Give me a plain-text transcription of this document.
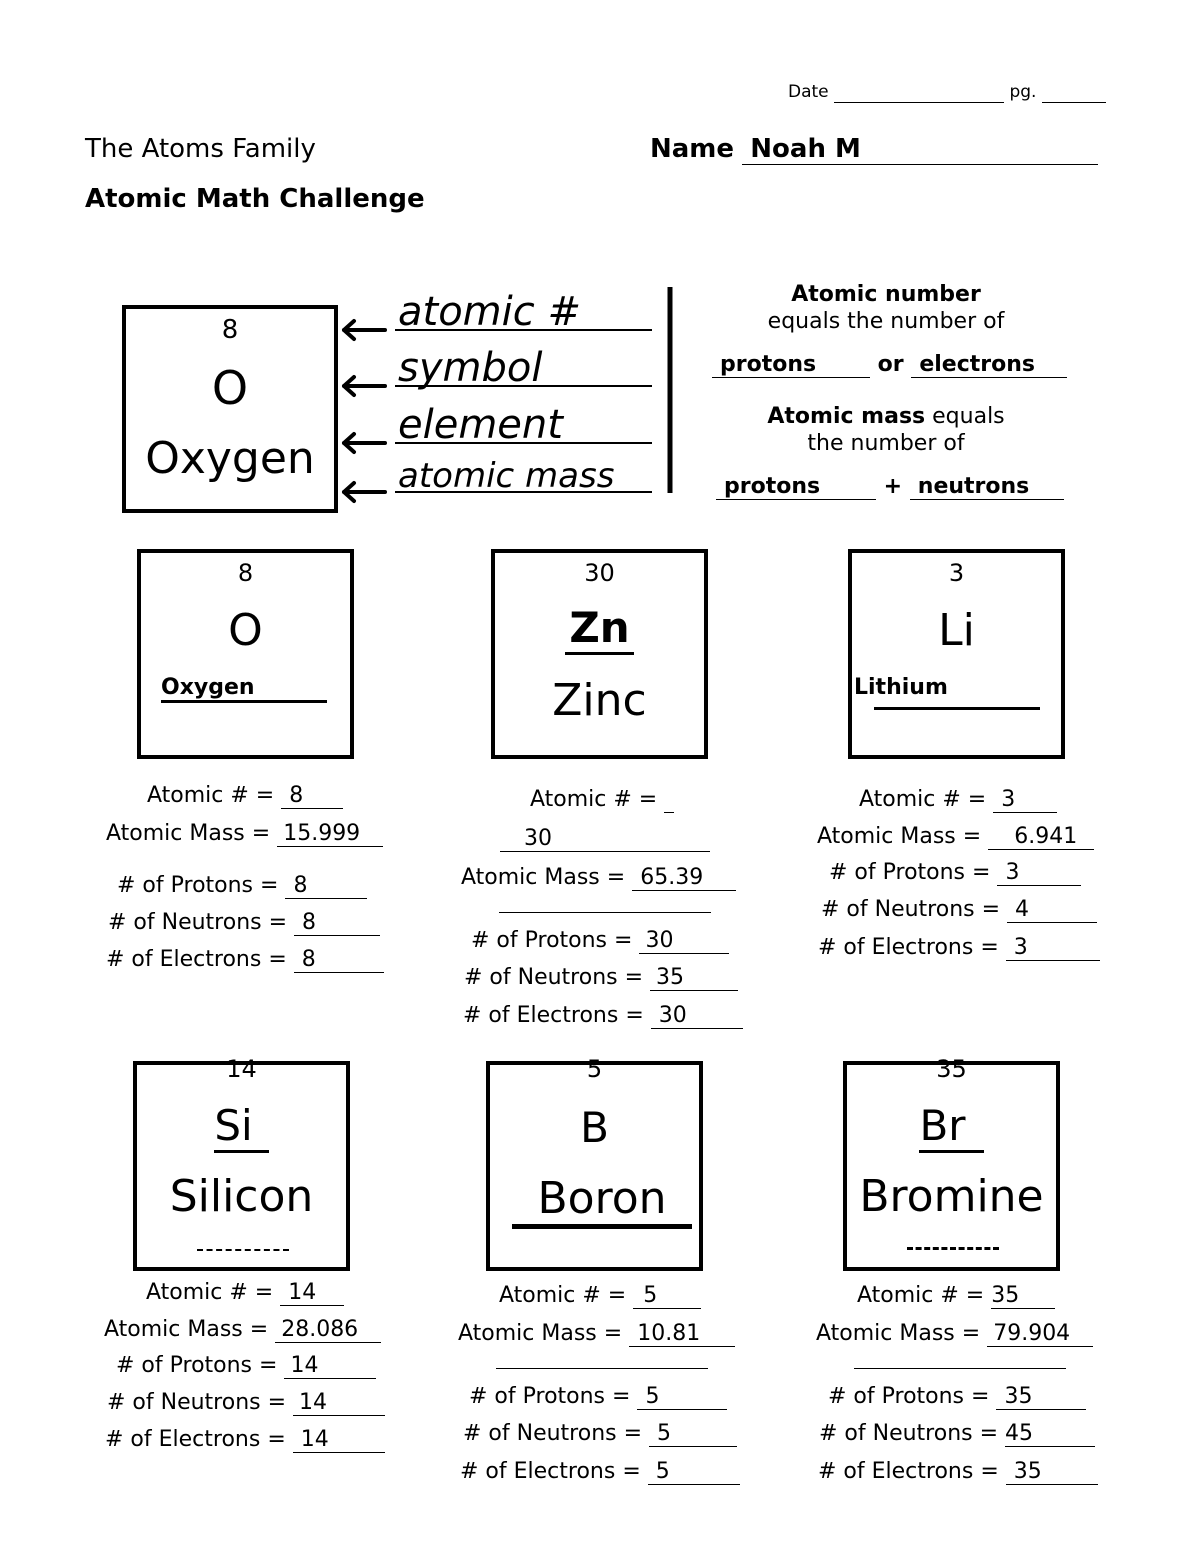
Date	pg.
The Atoms Family
Atomic Math Challenge
Name Noah M
8
O
Oxygen
atomic #
symbol
element
atomic mass
Atomic number
equals the number of
protons	or electrons
Atomic mass equals
the number of
protons	+ neutrons
8
O
Oxygen
30
Zn
Zinc
3
Li
Lithium
Atomic # = 8
Atomic Mass = 15.999
# of Protons = 8
# of Neutrons = 8
# of Electrons = 8
Atomic # =
30
Atomic Mass = 65.39
# of Protons = 30
# of Neutrons = 35
# of Electrons = 30
Atomic # = 3
Atomic Mass = 6.941
# of Protons = 3
# of Neutrons = 4
# of Electrons = 3
14
Si
Silicon
5
B
Boron
35
Br
Bromine
Atomic # = 14
Atomic Mass = 28.086
# of Protons = 14
# of Neutrons = 14
# of Electrons = 14
Atomic # = 5
Atomic Mass = 10.81
# of Protons = 5
# of Neutrons = 5
# of Electrons = 5
Atomic # = 35
Atomic Mass = 79.904
# of Protons = 35
# of Neutrons = 45
# of Electrons = 35
